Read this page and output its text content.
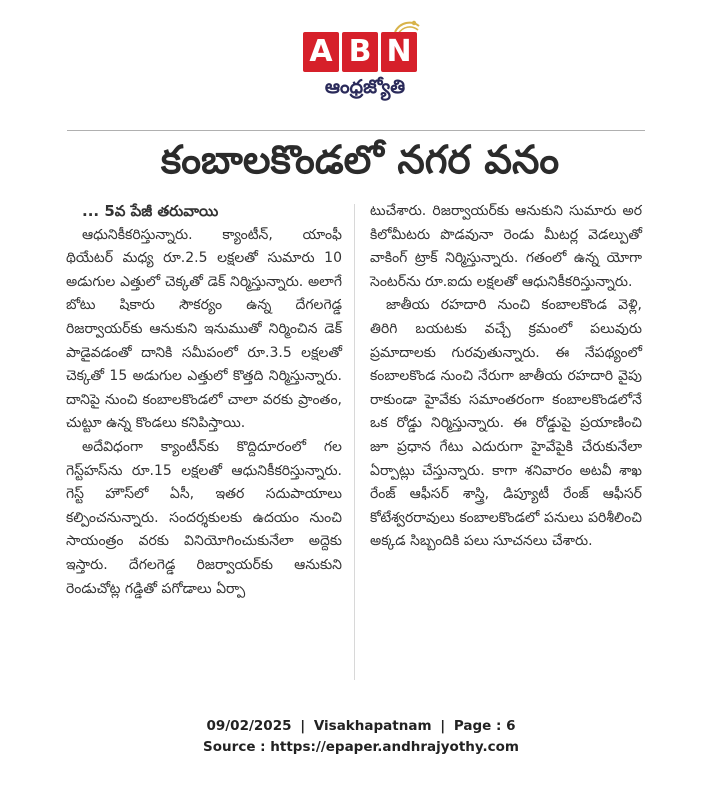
A B N
ఆంధ్రజ్యోతి
కంబాలకొండలో నగర వనం

... 5వ పేజీ తరువాయి

ఆధునికీకరిస్తున్నారు. క్యాంటీన్, యాంఫీ థియేటర్ మధ్య రూ.2.5 లక్షలతో సుమారు 10 అడుగుల ఎత్తులో చెక్కతో డెక్ నిర్మిస్తున్నారు. అలాగే బోటు షికారు సౌకర్యం ఉన్న దేగలగెడ్డ రిజర్వాయర్‌కు ఆనుకుని ఇనుముతో నిర్మించిన డెక్ పాడైవడంతో దానికి సమీపంలో రూ.3.5 లక్షలతో చెక్కతో 15 అడుగుల ఎత్తులో కొత్తది నిర్మిస్తున్నారు. దానిపై నుంచి కంబాలకొండలో చాలా వరకు ప్రాంతం, చుట్టూ ఉన్న కొండలు కనిపిస్తాయి.

అదేవిధంగా క్యాంటీన్‌కు కొద్దిదూరంలో గల గెస్ట్‌హస్‌ను రూ.15 లక్షలతో ఆధునికీకరిస్తున్నారు. గెస్ట్ హౌస్‌లో ఏసీ, ఇతర సదుపాయాలు కల్పించనున్నారు. సందర్శకులకు ఉదయం నుంచి సాయంత్రం వరకు వినియోగించుకునేలా అద్దెకు ఇస్తారు. దేగలగెడ్డ రిజర్వాయర్‌కు ఆనుకుని రెండుచోట్ల గడ్డితో పగోడాలు ఏర్పా

టుచేశారు. రిజర్వాయర్‌కు ఆనుకుని సుమారు అర కిలోమీటరు పొడవునా రెండు మీటర్ల వెడల్పుతో వాకింగ్ ట్రాక్ నిర్మిస్తున్నారు. గతంలో ఉన్న యోగా సెంటర్‌ను రూ.ఐదు లక్షలతో ఆధునికీకరిస్తున్నారు.

జాతీయ రహదారి నుంచి కంబాలకొండ వెళ్లి, తిరిగి బయటకు వచ్చే క్రమంలో పలువురు ప్రమాదాలకు గురవుతున్నారు. ఈ నేపథ్యంలో కంబాలకొండ నుంచి నేరుగా జాతీయ రహదారి వైపు రాకుండా హైవేకు సమాంతరంగా కంబాలకొండలోనే ఒక రోడ్డు నిర్మిస్తున్నారు. ఈ రోడ్డుపై ప్రయాణించి జూ ప్రధాన గేటు ఎదురుగా హైవేపైకి చేరుకునేలా ఏర్పాట్లు చేస్తున్నారు. కాగా శనివారం అటవీ శాఖ రేంజ్ ఆఫీసర్ శాస్త్రి, డిప్యూటీ రేంజ్ ఆఫీసర్ కోటేశ్వరరావులు కంబాలకొండలో పనులు పరిశీలించి అక్కడ సిబ్బందికి పలు సూచనలు చేశారు.

09/02/2025 | Visakhapatnam | Page : 6
Source : https://epaper.andhrajyothy.com
